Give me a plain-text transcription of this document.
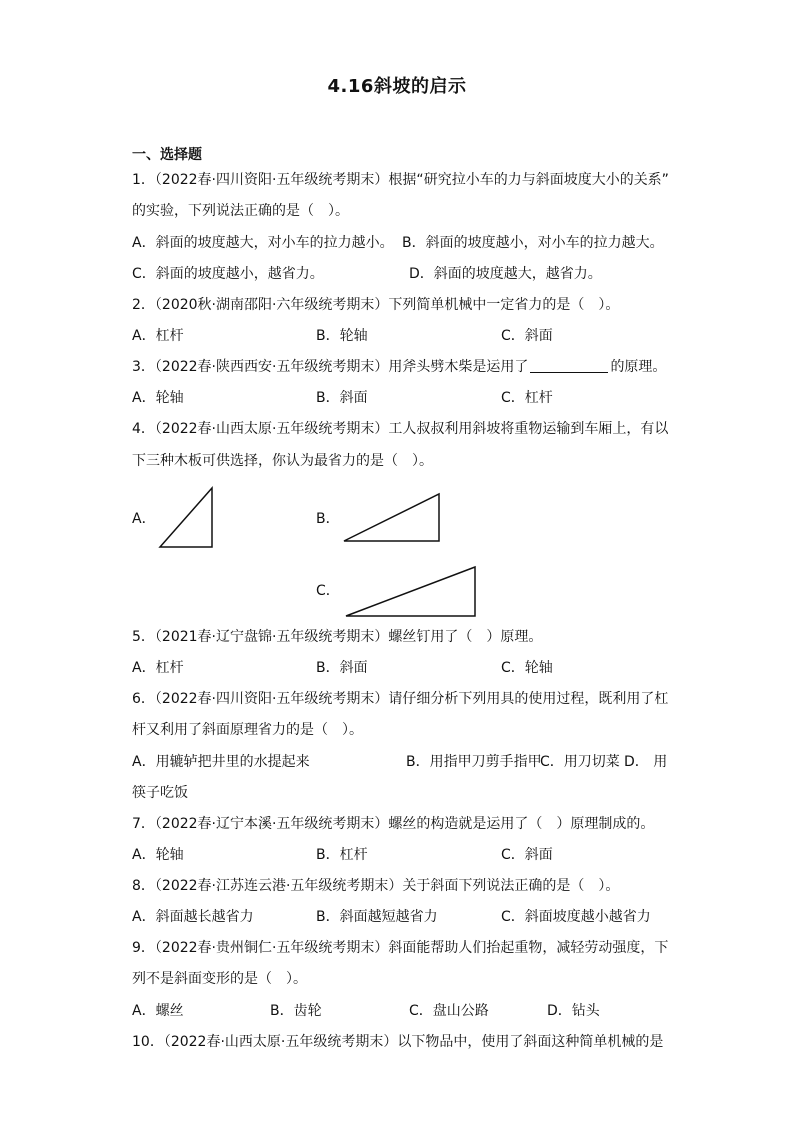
4.16斜坡的启示
一、选择题
1．（2022春·四川资阳·五年级统考期末）根据“研究拉小车的力与斜面坡度大小的关系”
的实验，下列说法正确的是（　）。
A．斜面的坡度越大，对小车的拉力越小。 B．斜面的坡度越小，对小车的拉力越大。
C．斜面的坡度越小，越省力。	D．斜面的坡度越大，越省力。
2．（2020秋·湖南邵阳·六年级统考期末）下列简单机械中一定省力的是（　）。
A．杠杆	B．轮轴	C．斜面
3．（2022春·陕西西安·五年级统考期末）用斧头劈木柴是运用了	的原理。
A．轮轴	B．斜面	C．杠杆
4．（2022春·山西太原·五年级统考期末）工人叔叔利用斜坡将重物运输到车厢上，有以
下三种木板可供选择，你认为最省力的是（　）。
A．	B．
C．
5．（2021春·辽宁盘锦·五年级统考期末）螺丝钉用了（　）原理。
A．杠杆	B．斜面	C．轮轴
6．（2022春·四川资阳·五年级统考期末）请仔细分析下列用具的使用过程，既利用了杠
杆又利用了斜面原理省力的是（　）。
A．用辘轳把井里的水提起来	B．用指甲刀剪手指甲
C．用刀切菜 D． 用
筷子吃饭
7．（2022春·辽宁本溪·五年级统考期末）螺丝的构造就是运用了（　）原理制成的。
A．轮轴	B．杠杆	C．斜面
8．（2022春·江苏连云港·五年级统考期末）关于斜面下列说法正确的是（　）。
A．斜面越长越省力	B．斜面越短越省力	C．斜面坡度越小越省力
9．（2022春·贵州铜仁·五年级统考期末）斜面能帮助人们抬起重物，减轻劳动强度，下
列不是斜面变形的是（　）。
A．螺丝	B．齿轮	C．盘山公路	D．钻头
10．（2022春·山西太原·五年级统考期末）以下物品中，使用了斜面这种简单机械的是
